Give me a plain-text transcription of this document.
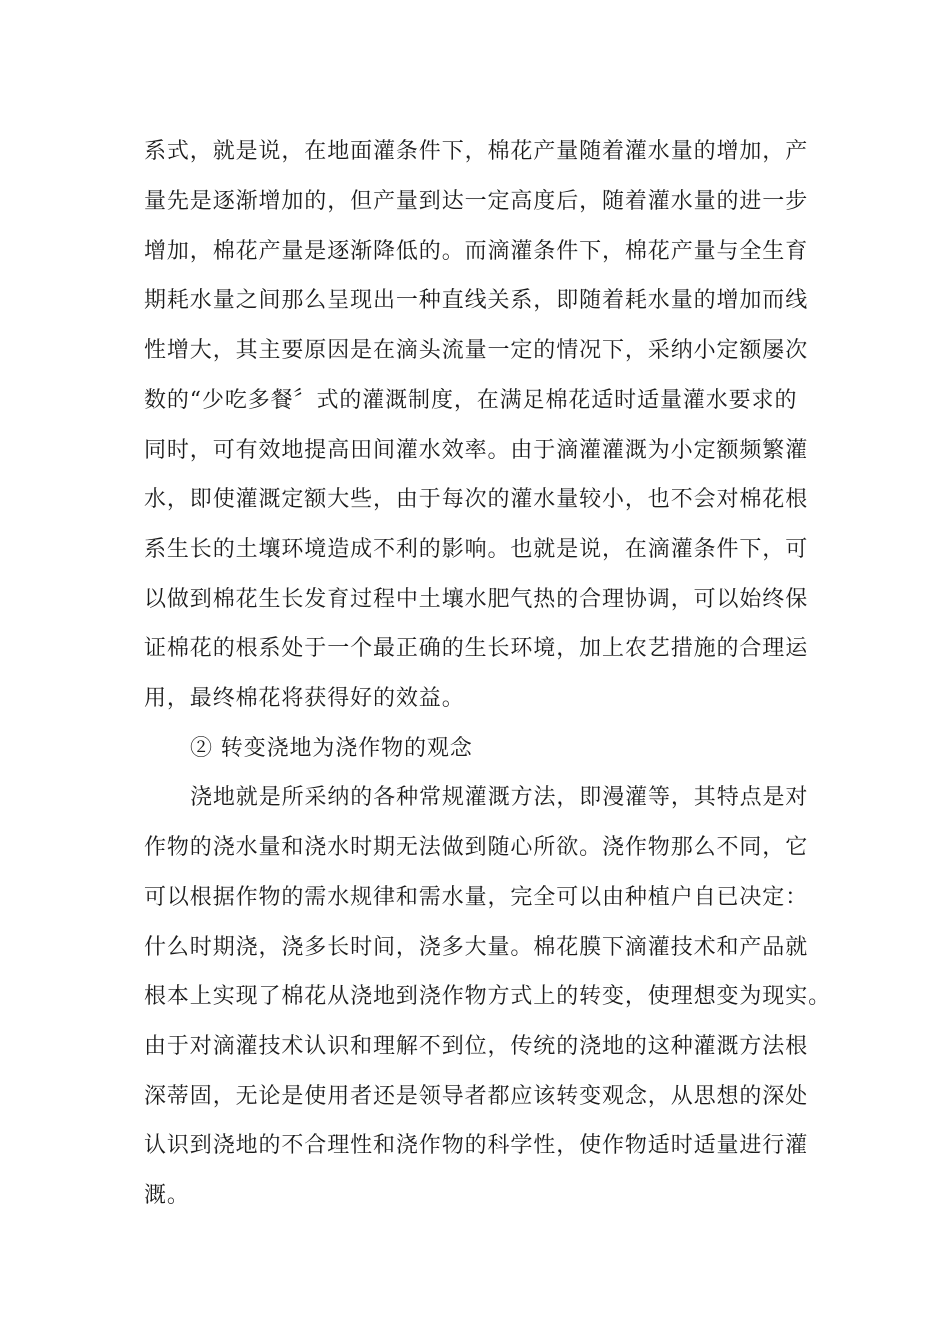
系式，就是说，在地面灌条件下，棉花产量随着灌水量的增加，产
量先是逐渐增加的，但产量到达一定高度后，随着灌水量的进一步
增加，棉花产量是逐渐降低的。而滴灌条件下，棉花产量与全生育
期耗水量之间那么呈现出一种直线关系，即随着耗水量的增加而线
性增大，其主要原因是在滴头流量一定的情况下，采纳小定额屡次
数的“少吃多餐〞式的灌溉制度，在满足棉花适时适量灌水要求的
同时，可有效地提高田间灌水效率。由于滴灌灌溉为小定额频繁灌
水，即使灌溉定额大些，由于每次的灌水量较小，也不会对棉花根
系生长的土壤环境造成不利的影响。也就是说，在滴灌条件下，可
以做到棉花生长发育过程中土壤水肥气热的合理协调，可以始终保
证棉花的根系处于一个最正确的生长环境，加上农艺措施的合理运
用，最终棉花将获得好的效益。
② 转变浇地为浇作物的观念
浇地就是所采纳的各种常规灌溉方法，即漫灌等，其特点是对
作物的浇水量和浇水时期无法做到随心所欲。浇作物那么不同，它
可以根据作物的需水规律和需水量，完全可以由种植户自已决定：
什么时期浇，浇多长时间，浇多大量。棉花膜下滴灌技术和产品就
根本上实现了棉花从浇地到浇作物方式上的转变，使理想变为现实。
由于对滴灌技术认识和理解不到位，传统的浇地的这种灌溉方法根
深蒂固，无论是使用者还是领导者都应该转变观念，从思想的深处
认识到浇地的不合理性和浇作物的科学性，使作物适时适量进行灌
溉。
